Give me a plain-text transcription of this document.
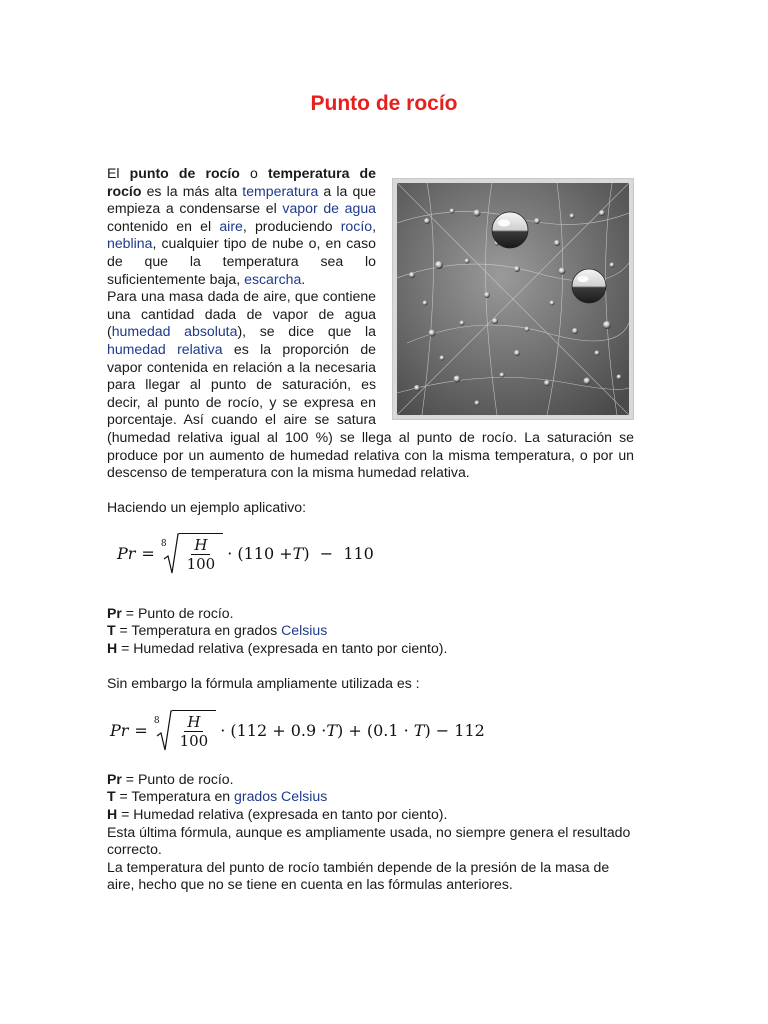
Punto de rocío

El punto de rocío o temperatura de rocío es la más alta temperatura a la que empieza a condensarse el vapor de agua contenido en el aire, produciendo rocío, neblina, cualquier tipo de nube o, en caso de que la temperatura sea lo suficientemente baja, escarcha.

Para una masa dada de aire, que contiene una cantidad dada de vapor de agua (humedad absoluta), se dice que la humedad relativa es la proporción de vapor contenida en relación a la necesaria para llegar al punto de saturación, es decir, al punto de rocío, y se expresa en porcentaje. Así cuando el aire se satura (humedad relativa igual al 100 %) se llega al punto de rocío. La saturación se produce por un aumento de humedad relativa con la misma temperatura, o por un descenso de temperatura con la misma humedad relativa.

Haciendo un ejemplo aplicativo:

Pr =
$8 \frac{H}{100} \cdot (110 + T$ )  −  110

Pr = Punto de rocío.
T = Temperatura en grados Celsius
H = Humedad relativa (expresada en tanto por ciento).

Sin embargo la fórmula ampliamente utilizada es :

Pr =
$8 \frac{H}{100} \cdot (112 + 0.9 \cdot T$ ) + (0.1 · T ) − 112

Pr = Punto de rocío.
T = Temperatura en grados Celsius
H = Humedad relativa (expresada en tanto por ciento).

Esta última fórmula, aunque es ampliamente usada, no siempre genera el resultado correcto.

La temperatura del punto de rocío también depende de la presión de la masa de aire, hecho que no se tiene en cuenta en las fórmulas anteriores.
